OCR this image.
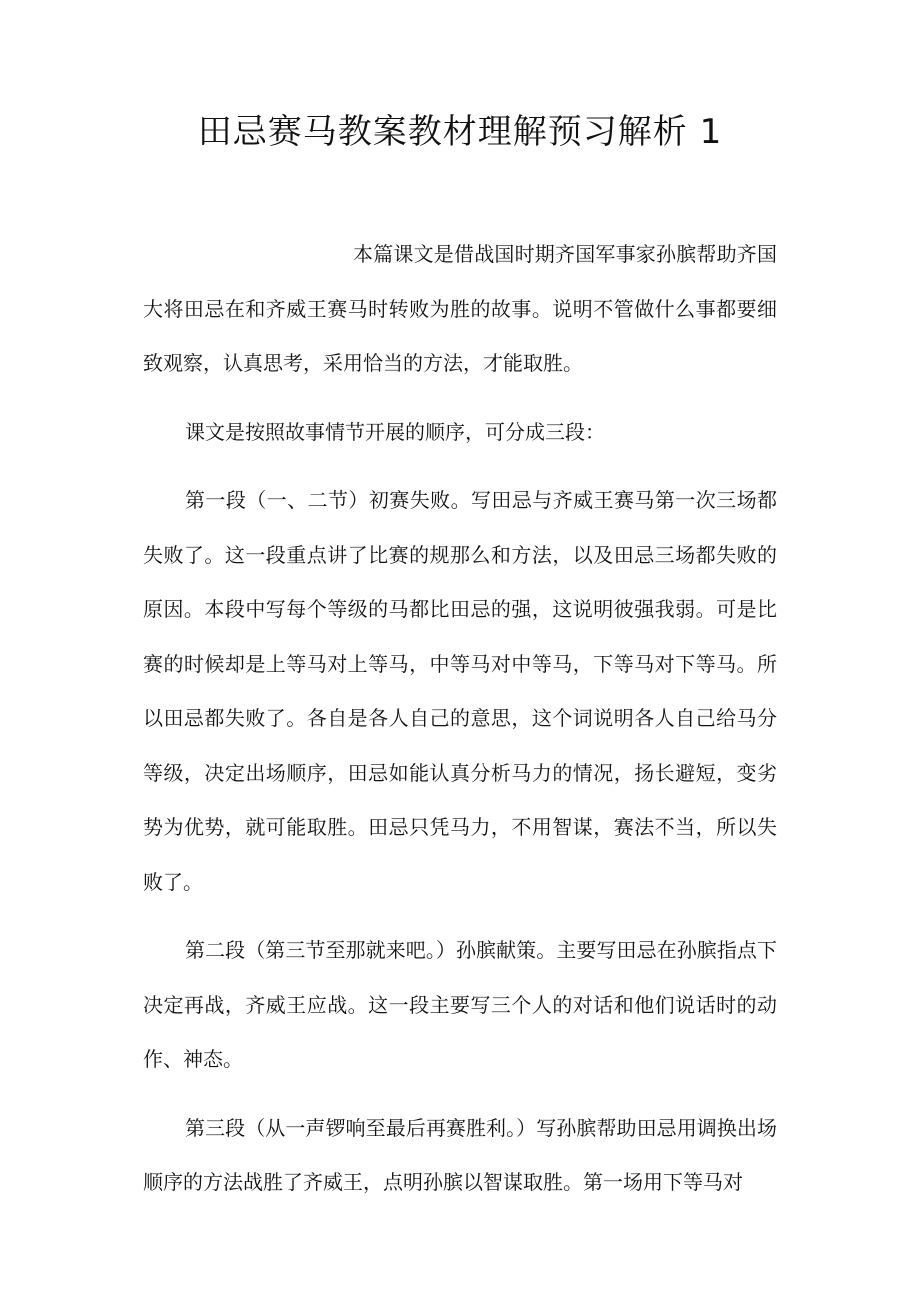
田忌赛马教案教材理解预习解析 1

本篇课文是借战国时期齐国军事家孙膑帮助齐国大将田忌在和齐威王赛马时转败为胜的故事。说明不管做什么事都要细致观察，认真思考，采用恰当的方法，才能取胜。

课文是按照故事情节开展的顺序，可分成三段：

第一段（一、二节）初赛失败。写田忌与齐威王赛马第一次三场都失败了。这一段重点讲了比赛的规那么和方法，以及田忌三场都失败的原因。本段中写每个等级的马都比田忌的强，这说明彼强我弱。可是比赛的时候却是上等马对上等马，中等马对中等马，下等马对下等马。所以田忌都失败了。各自是各人自己的意思，这个词说明各人自己给马分等级，决定出场顺序，田忌如能认真分析马力的情况，扬长避短，变劣势为优势，就可能取胜。田忌只凭马力，不用智谋，赛法不当，所以失败了。

第二段（第三节至那就来吧。）孙膑献策。主要写田忌在孙膑指点下决定再战，齐威王应战。这一段主要写三个人的对话和他们说话时的动作、神态。

第三段（从一声锣响至最后再赛胜利。）写孙膑帮助田忌用调换出场顺序的方法战胜了齐威王，点明孙膑以智谋取胜。第一场用下等马对
